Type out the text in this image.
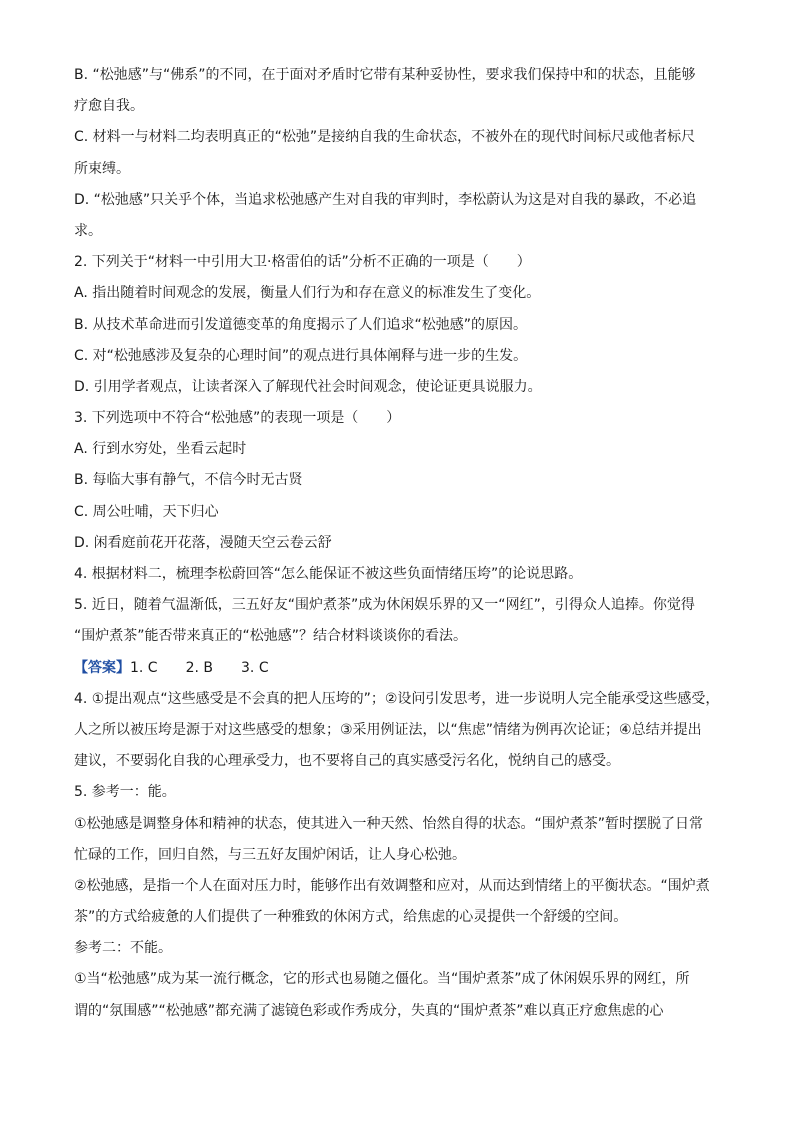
B. “松弛感”与“佛系”的不同，在于面对矛盾时它带有某种妥协性，要求我们保持中和的状态，且能够
疗愈自我。
C. 材料一与材料二均表明真正的“松弛”是接纳自我的生命状态，不被外在的现代时间标尺或他者标尺
所束缚。
D. “松弛感”只关乎个体，当追求松弛感产生对自我的审判时，李松蔚认为这是对自我的暴政，不必追
求。
2. 下列关于“材料一中引用大卫·格雷伯的话”分析不正确的一项是（　　）
A. 指出随着时间观念的发展，衡量人们行为和存在意义的标准发生了变化。
B. 从技术革命进而引发道德变革的角度揭示了人们追求“松弛感”的原因。
C. 对“松弛感涉及复杂的心理时间”的观点进行具体阐释与进一步的生发。
D. 引用学者观点，让读者深入了解现代社会时间观念，使论证更具说服力。
3. 下列选项中不符合“松弛感”的表现一项是（　　）
A. 行到水穷处，坐看云起时
B. 每临大事有静气，不信今时无古贤
C. 周公吐哺，天下归心
D. 闲看庭前花开花落，漫随天空云卷云舒
4. 根据材料二，梳理李松蔚回答“怎么能保证不被这些负面情绪压垮”的论说思路。
5. 近日，随着气温渐低，三五好友“围炉煮茶”成为休闲娱乐界的又一“网红”，引得众人追捧。你觉得
“围炉煮茶”能否带来真正的“松弛感”？结合材料谈谈你的看法。
【答案】1. C 2. B 3. C
4. ①提出观点“这些感受是不会真的把人压垮的”；②设问引发思考，进一步说明人完全能承受这些感受，
人之所以被压垮是源于对这些感受的想象；③采用例证法，以“焦虑”情绪为例再次论证；④总结并提出
建议，不要弱化自我的心理承受力，也不要将自己的真实感受污名化，悦纳自己的感受。
5. 参考一：能。
①松弛感是调整身体和精神的状态，使其进入一种天然、怡然自得的状态。“围炉煮茶”暂时摆脱了日常
忙碌的工作，回归自然，与三五好友围炉闲话，让人身心松弛。
②松弛感，是指一个人在面对压力时，能够作出有效调整和应对，从而达到情绪上的平衡状态。“围炉煮
茶”的方式给疲惫的人们提供了一种雅致的休闲方式，给焦虑的心灵提供一个舒缓的空间。
参考二：不能。
①当“松弛感”成为某一流行概念，它的形式也易随之僵化。当“围炉煮茶”成了休闲娱乐界的网红，所
谓的“氛围感”“松弛感”都充满了滤镜色彩或作秀成分，失真的“围炉煮茶”难以真正疗愈焦虑的心
